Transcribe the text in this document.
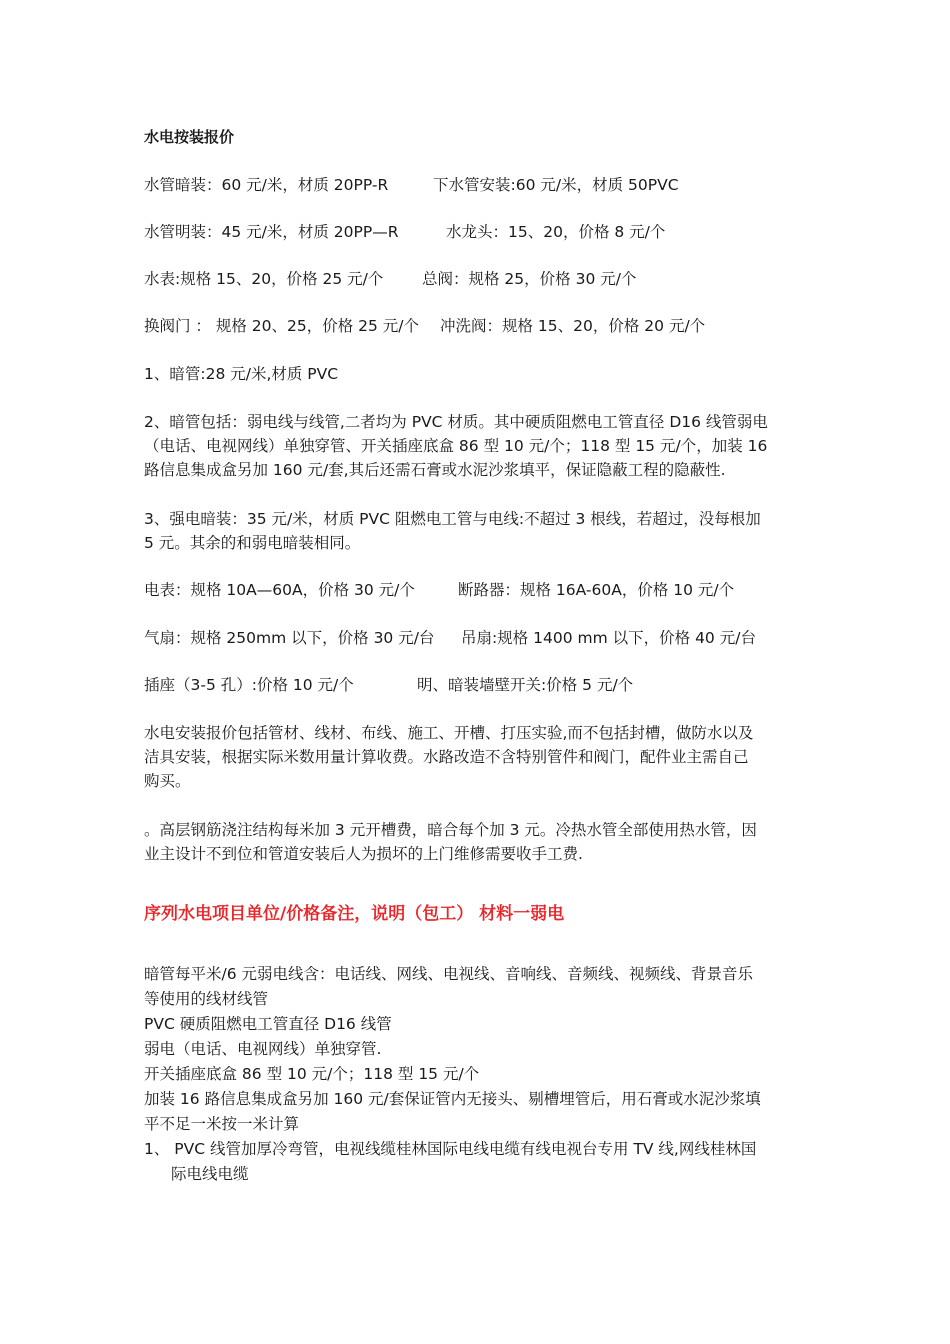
水电按装报价
水管暗装：60 元/米，材质 20PP-R	下水管安装:60 元/米，材质 50PVC
水管明装：45 元/米，材质 20PP—R	水龙头：15、20，价格 8 元/个
水表:规格 15、20，价格 25 元/个 总阀：规格 25，价格 30 元/个
换阀门 ： 规格 20、25，价格 25 元/个 冲洗阀：规格 15、20，价格 20 元/个
1、暗管:28 元/米,材质 PVC
2、暗管包括：弱电线与线管,二者均为 PVC 材质。其中硬质阻燃电工管直径 D16 线管弱电
（电话、电视网线）单独穿管、开关插座底盒 86 型 10 元/个；118 型 15 元/个，加装 16
路信息集成盒另加 160 元/套,其后还需石膏或水泥沙浆填平，保证隐蔽工程的隐蔽性.
3、强电暗装：35 元/米，材质 PVC 阻燃电工管与电线:不超过 3 根线，若超过，没每根加
5 元。其余的和弱电暗装相同。
电表：规格 10A—60A，价格 30 元/个	断路器：规格 16A-60A，价格 10 元/个
气扇：规格 250mm 以下，价格 30 元/台 吊扇:规格 1400 mm 以下，价格 40 元/台
插座（3-5 孔）:价格 10 元/个	明、暗装墙壁开关:价格 5 元/个
水电安装报价包括管材、线材、布线、施工、开槽、打压实验,而不包括封槽，做防水以及
洁具安装，根据实际米数用量计算收费。水路改造不含特别管件和阀门，配件业主需自己
购买。
。高层钢筋浇注结构每米加 3 元开槽费，暗合每个加 3 元。冷热水管全部使用热水管，因
业主设计不到位和管道安装后人为损坏的上门维修需要收手工费.
序列水电项目单位/价格备注，说明（包工） 材料一弱电
暗管每平米/6 元弱电线含：电话线、网线、电视线、音响线、音频线、视频线、背景音乐
等使用的线材线管
PVC 硬质阻燃电工管直径 D16 线管
弱电（电话、电视网线）单独穿管.
开关插座底盒 86 型 10 元/个；118 型 15 元/个
加装 16 路信息集成盒另加 160 元/套保证管内无接头、剔槽埋管后，用石膏或水泥沙浆填
平不足一米按一米计算
1、 PVC 线管加厚冷弯管，电视线缆桂林国际电线电缆有线电视台专用 TV 线,网线桂林国
际电线电缆
